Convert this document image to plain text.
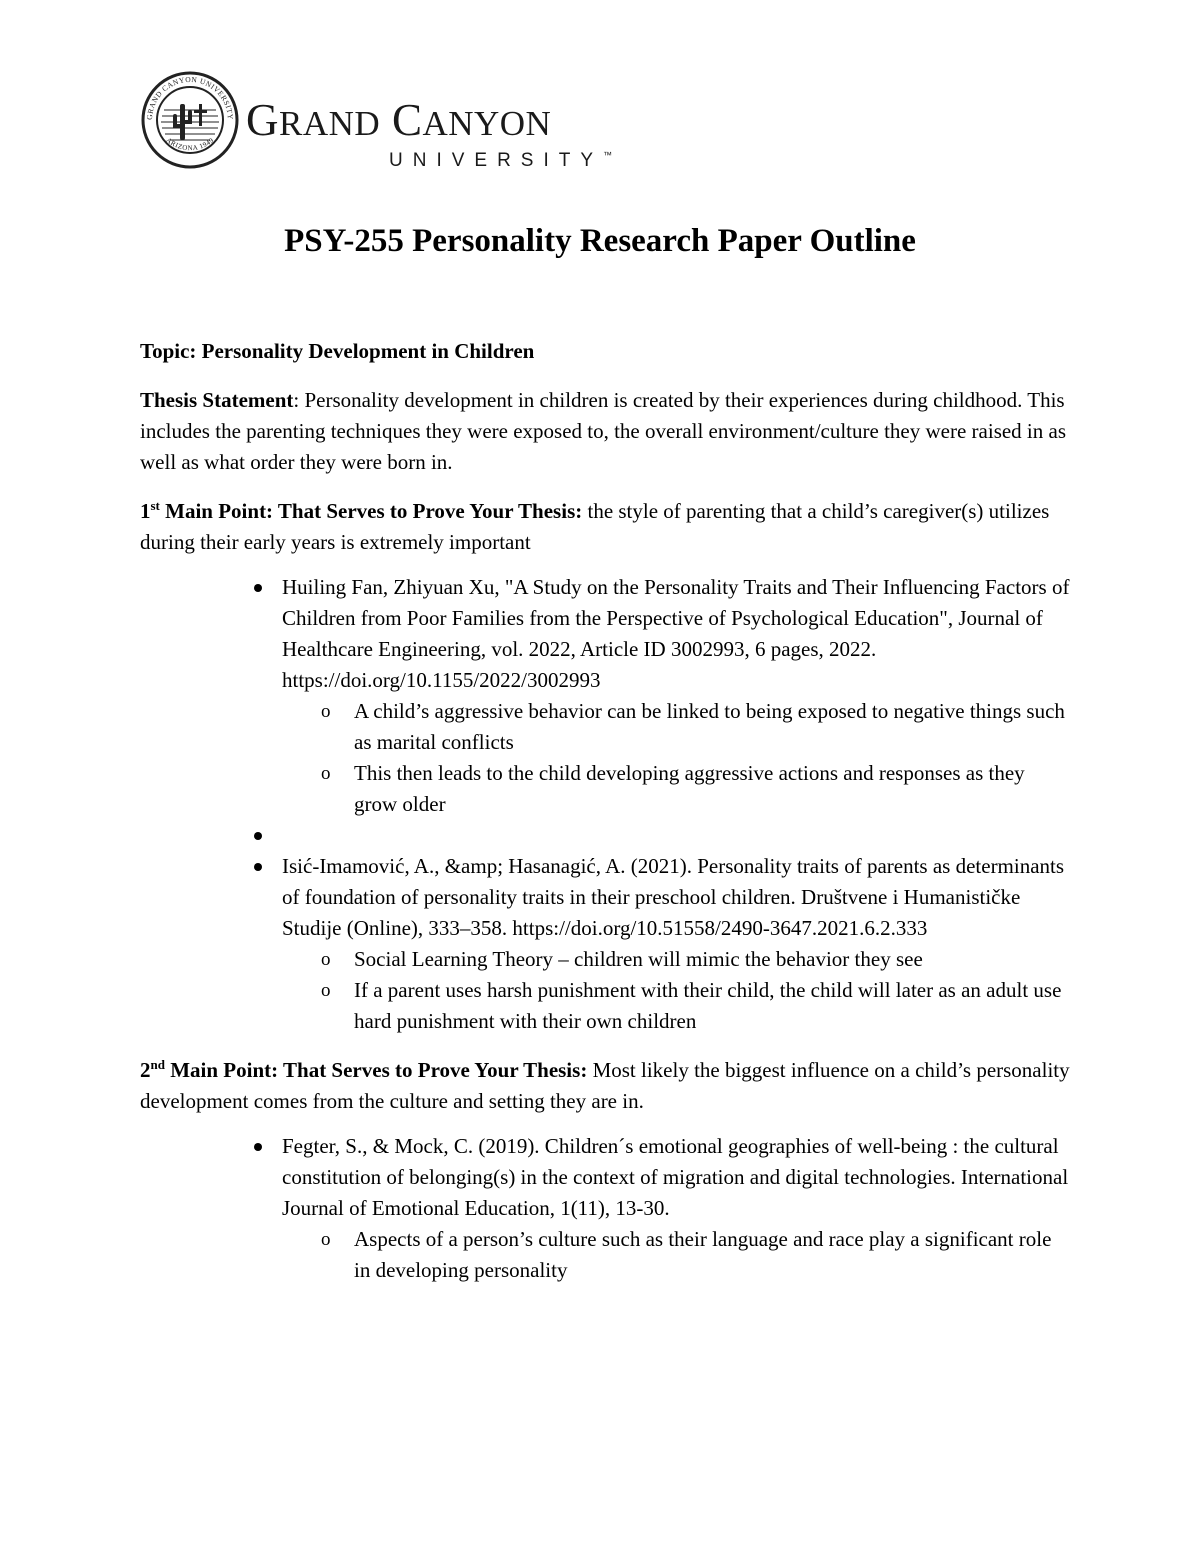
GRAND CANYON UNIVERSITY
ARIZONA 1949 GRAND CANYON
UNIVERSITY™
PSY-255 Personality Research Paper Outline

Topic: Personality Development in Children

Thesis Statement: Personality development in children is created by their experiences during childhood. This includes the parenting techniques they were exposed to, the overall environment/culture they were raised in as well as what order they were born in.

1st Main Point: That Serves to Prove Your Thesis: the style of parenting that a child’s caregiver(s) utilizes during their early years is extremely important

Huiling Fan, Zhiyuan Xu, "A Study on the Personality Traits and Their Influencing Factors of Children from Poor Families from the Perspective of Psychological Education", Journal of Healthcare Engineering, vol. 2022, Article ID 3002993, 6 pages, 2022. https://doi.org/10.1155/2022/3002993
o A child’s aggressive behavior can be linked to being exposed to negative things such as marital conflicts
o This then leads to the child developing aggressive actions and responses as they grow older
Isić-Imamović, A., &amp; Hasanagić, A. (2021). Personality traits of parents as determinants of foundation of personality traits in their preschool children. Društvene i Humanističke Studije (Online), 333–358. https://doi.org/10.51558/2490-3647.2021.6.2.333
o Social Learning Theory – children will mimic the behavior they see
o If a parent uses harsh punishment with their child, the child will later as an adult use hard punishment with their own children

2nd Main Point: That Serves to Prove Your Thesis: Most likely the biggest influence on a child’s personality development comes from the culture and setting they are in.

Fegter, S., & Mock, C. (2019). Children´s emotional geographies of well-being : the cultural constitution of belonging(s) in the context of migration and digital technologies. International Journal of Emotional Education, 1(11), 13-30.
o Aspects of a person’s culture such as their language and race play a significant role in developing personality
